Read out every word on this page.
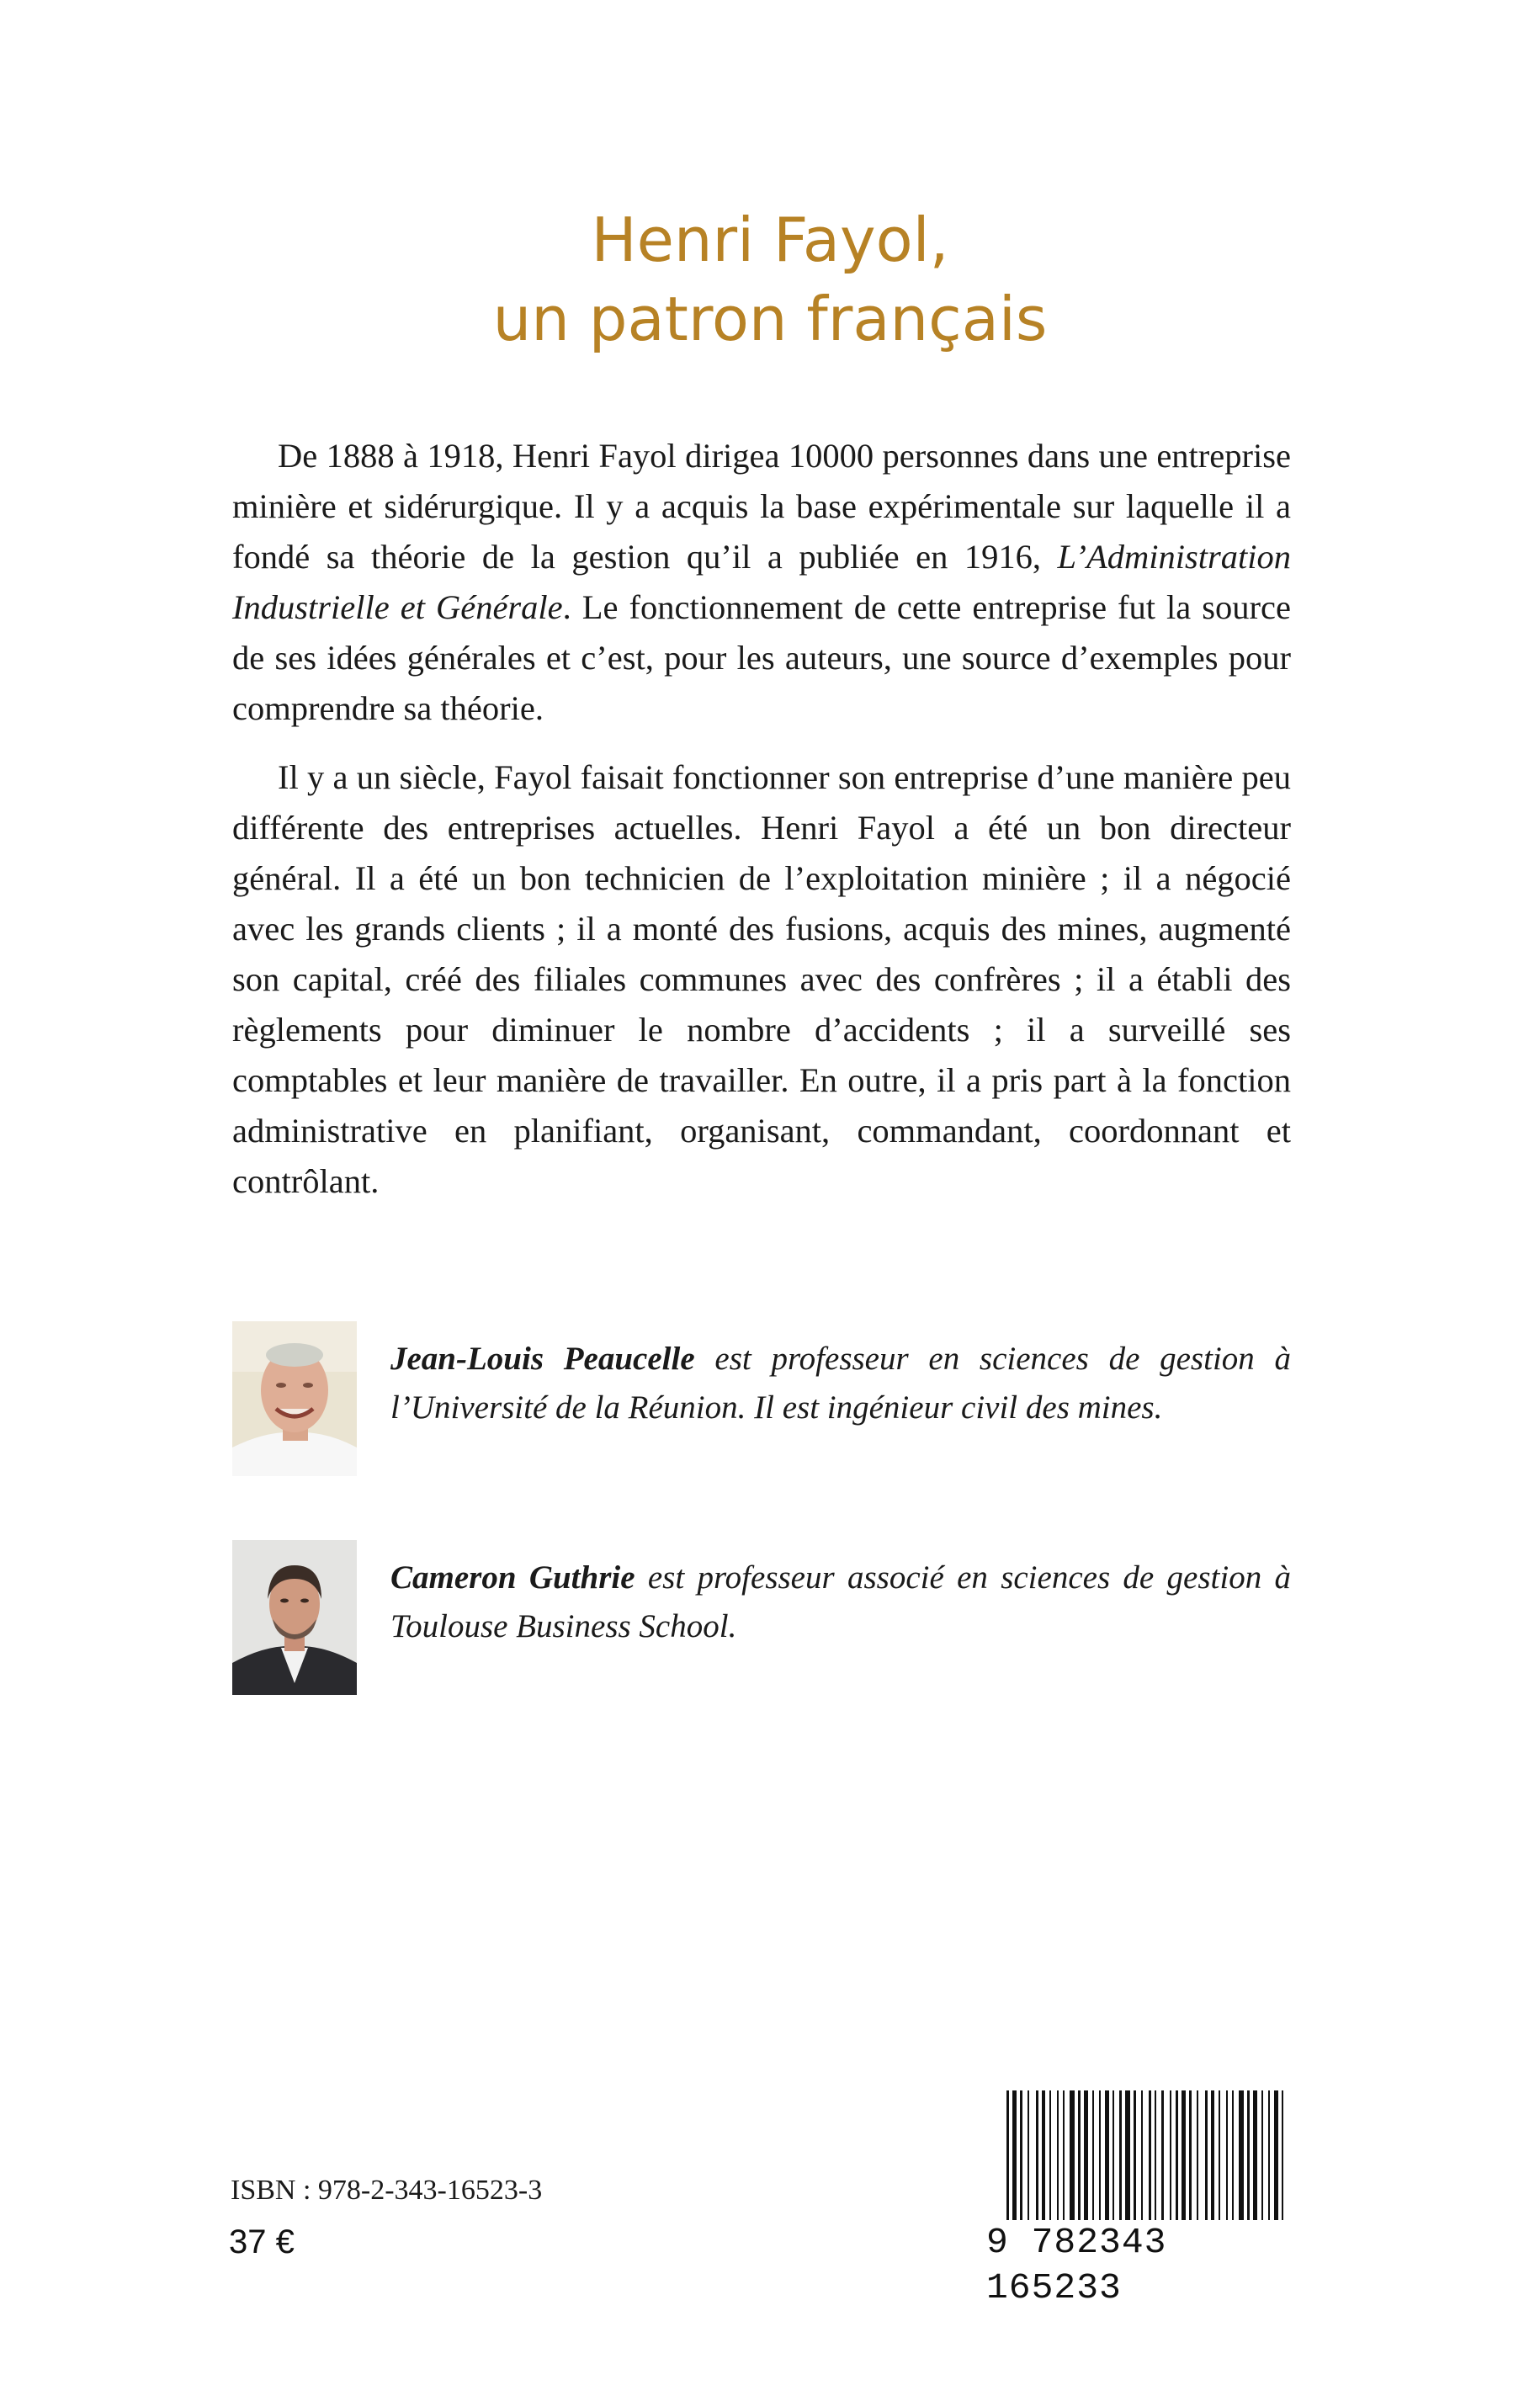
Henri Fayol,
un patron français

De 1888 à 1918, Henri Fayol dirigea 10000 personnes dans une entreprise minière et sidérurgique. Il y a acquis la base expérimentale sur laquelle il a fondé sa théorie de la gestion qu’il a publiée en 1916, L’Administration Industrielle et Générale. Le fonctionnement de cette entreprise fut la source de ses idées générales et c’est, pour les auteurs, une source d’exemples pour comprendre sa théorie.

Il y a un siècle, Fayol faisait fonctionner son entreprise d’une manière peu différente des entreprises actuelles. Henri Fayol a été un bon directeur général. Il a été un bon technicien de l’exploitation minière ; il a négocié avec les grands clients ; il a monté des fusions, acquis des mines, augmenté son capital, créé des filiales communes avec des confrères ; il a établi des règlements pour diminuer le nombre d’accidents ; il a surveillé ses comptables et leur manière de travailler. En outre, il a pris part à la fonction administrative en planifiant, organisant, commandant, coordonnant et contrôlant.

Jean-Louis Peaucelle est professeur en sciences de gestion à l’Université de la Réunion. Il est ingénieur civil des mines.
Cameron Guthrie est professeur associé en sciences de gestion à Toulouse Business School.
ISBN : 978-2-343-16523-3
37 €	9 782343 165233
